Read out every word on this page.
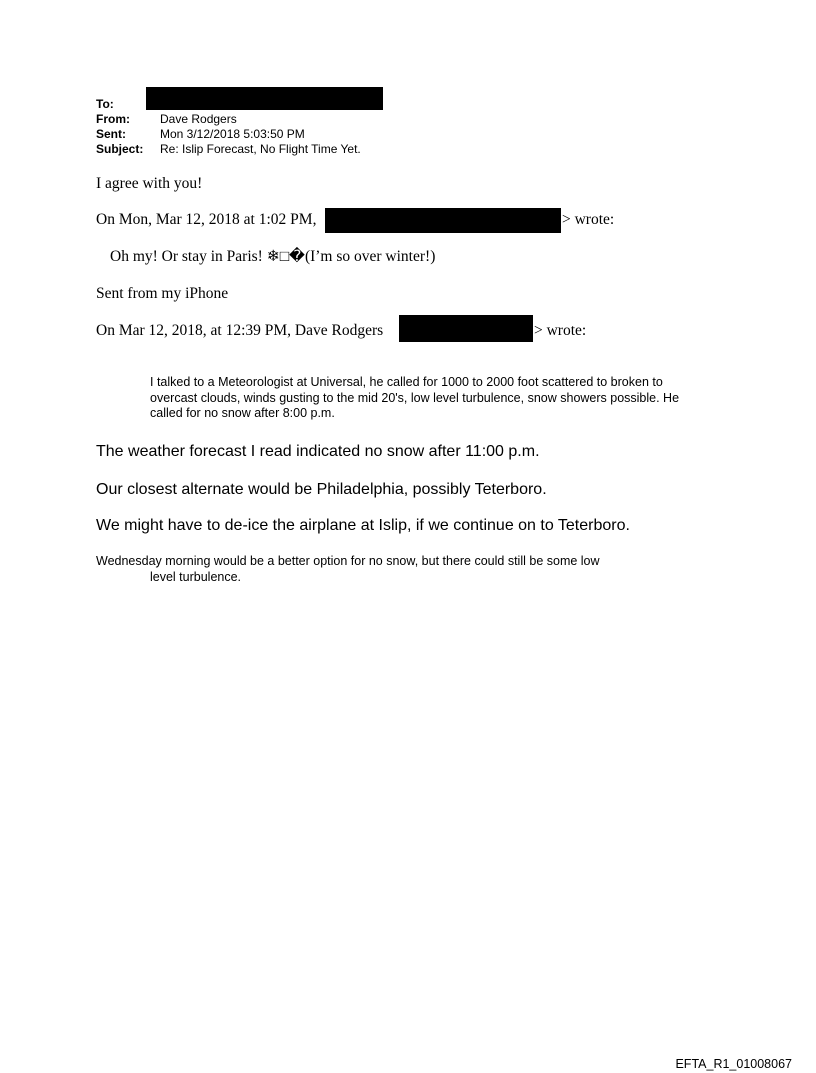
To:
From:	Dave Rodgers
Sent:	Mon 3/12/2018 5:03:50 PM
Subject: Re: Islip Forecast, No Flight Time Yet.
I agree with you!
On Mon, Mar 12, 2018 at 1:02 PM,	> wrote:
Oh my! Or stay in Paris! ❄□�(I’m so over winter!)
Sent from my iPhone
On Mar 12, 2018, at 12:39 PM, Dave Rodgers	> wrote:
I talked to a Meteorologist at Universal, he called for 1000 to 2000 foot scattered to broken to overcast clouds, winds gusting to the mid 20's, low level turbulence, snow showers possible. He called for no snow after 8:00 p.m.
The weather forecast I read indicated no snow after 11:00 p.m.
Our closest alternate would be Philadelphia, possibly Teterboro.
We might have to de-ice the airplane at Islip, if we continue on to Teterboro.
Wednesday morning would be a better option for no snow, but there could still be some low
level turbulence.
EFTA_R1_01008067
